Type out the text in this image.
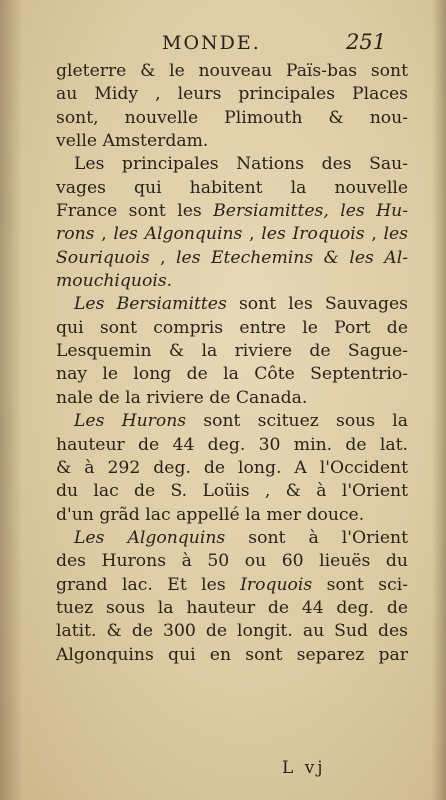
MONDE.	251
gleterre & le nouveau Païs-bas sont
au Midy , leurs principales Places
sont, nouvelle Plimouth & nou-
velle Amsterdam.
Les principales Nations des Sau-
vages qui habitent la nouvelle
France sont les Bersiamittes, les Hu-
rons , les Algonquins , les Iroquois , les
Souriquois , les Etechemins & les Al-
mouchiquois.
Les Bersiamittes sont les Sauvages
qui sont compris entre le Port de
Lesquemin & la riviere de Sague-
nay le long de la Côte Septentrio-
nale de la riviere de Canada.
Les Hurons sont scituez sous la
hauteur de 44 deg. 30 min. de lat.
& à 292 deg. de long. A l'Occident
du lac de S. Loüis , & à l'Orient
d'un grãd lac appellé la mer douce.
Les Algonquins sont à l'Orient
des Hurons à 50 ou 60 lieuës du
grand lac. Et les Iroquois sont sci-
tuez sous la hauteur de 44 deg. de
latit. & de 300 de longit. au Sud des
Algonquins qui en sont separez par
L vj
